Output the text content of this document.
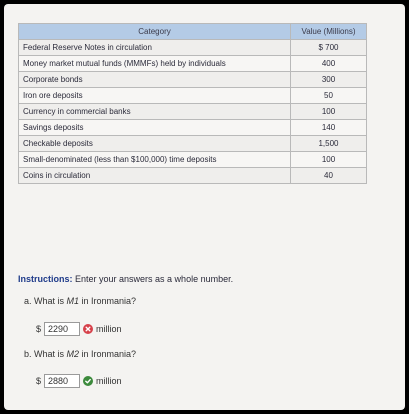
Category	Value (Millions)
Federal Reserve Notes in circulation	$ 700
Money market mutual funds (MMMFs) held by individuals	400
Corporate bonds	300
Iron ore deposits	50
Currency in commercial banks	100
Savings deposits	140
Checkable deposits	1,500
Small-denominated (less than $100,000) time deposits	100
Coins in circulation	40
Instructions: Enter your answers as a whole number.
a. What is M1 in Ironmania?
$ 2290	million
b. What is M2 in Ironmania?
$ 2880	million
